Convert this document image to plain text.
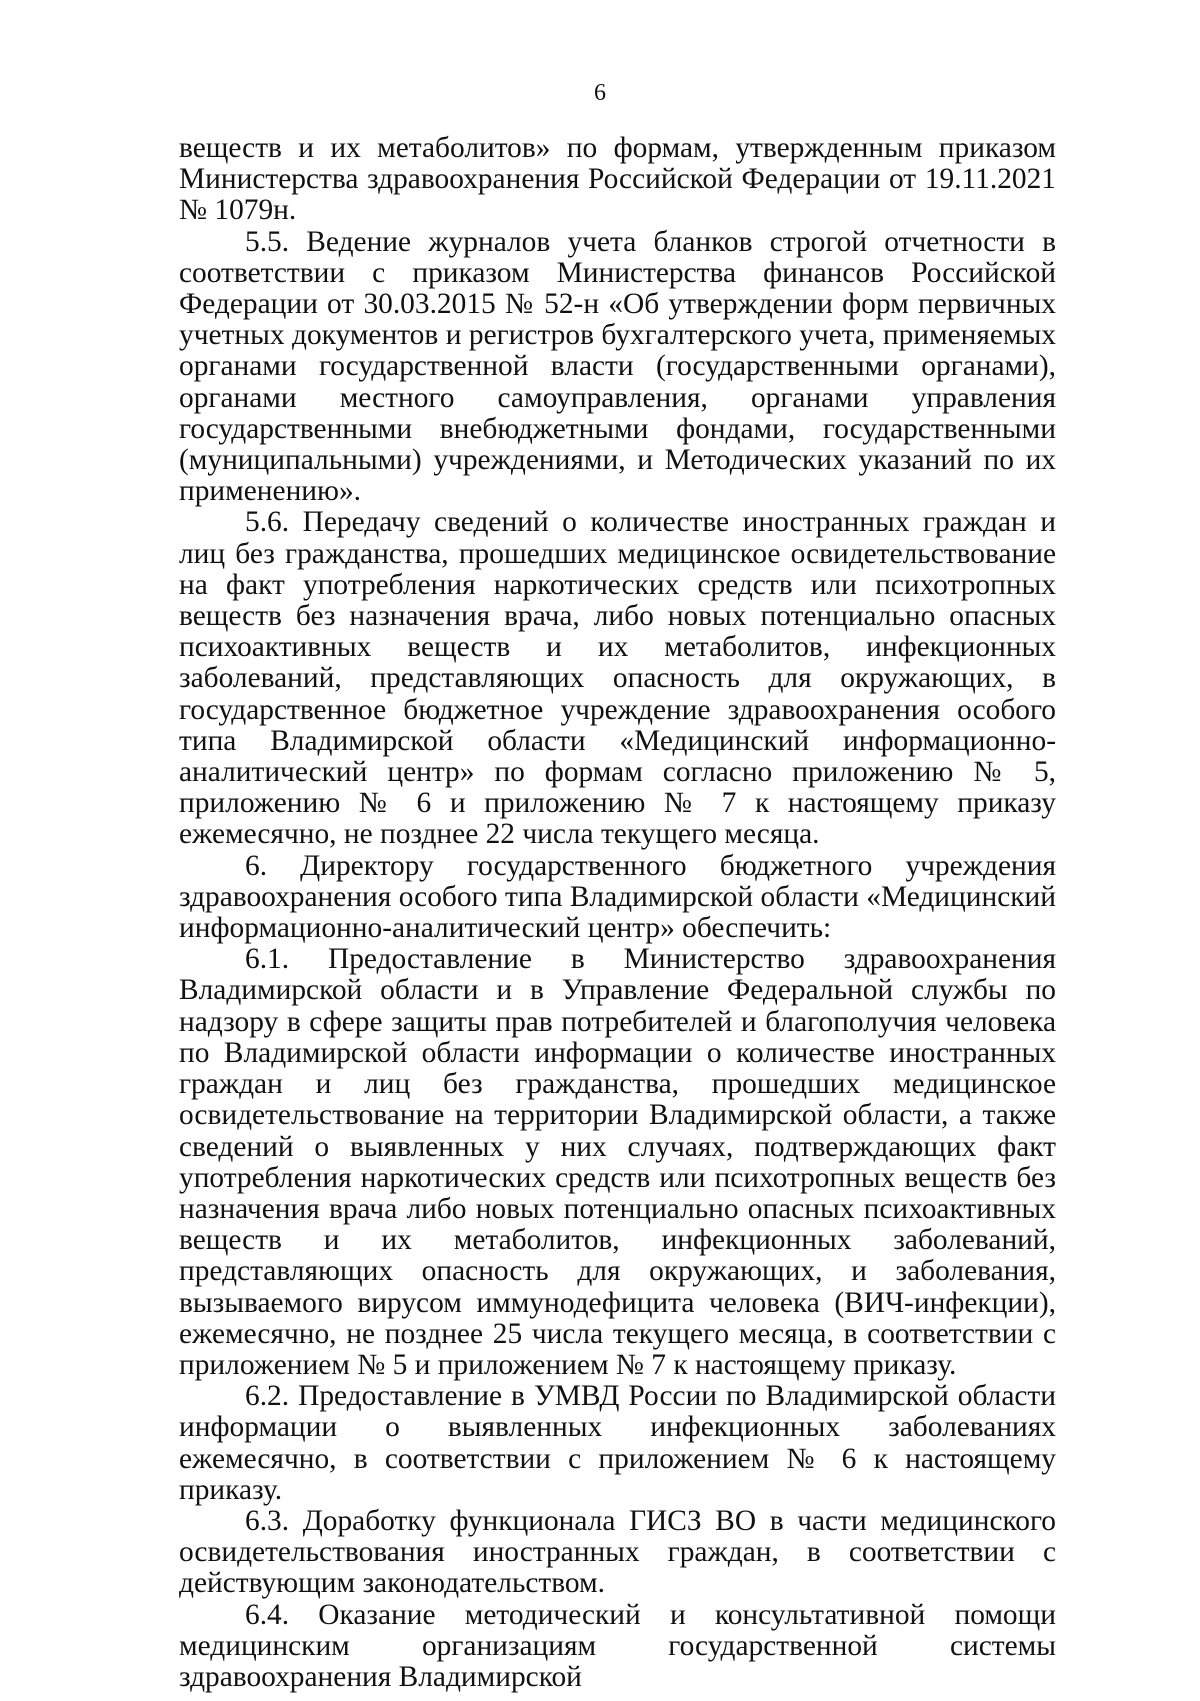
6

веществ и их метаболитов» по формам, утвержденным приказом Министерства здравоохранения Российской Федерации от 19.11.2021 № 1079н.

5.5. Ведение журналов учета бланков строгой отчетности в соответствии с приказом Министерства финансов Российской Федерации от 30.03.2015 № 52-н «Об утверждении форм первичных учетных документов и регистров бухгалтерского учета, применяемых органами государственной власти (государственными органами), органами местного самоуправления, органами управления государственными внебюджетными фондами, государственными (муниципальными) учреждениями, и Методических указаний по их применению».

5.6. Передачу сведений о количестве иностранных граждан и лиц без гражданства, прошедших медицинское освидетельствование на факт употребления наркотических средств или психотропных веществ без назначения врача, либо новых потенциально опасных психоактивных веществ и их метаболитов, инфекционных заболеваний, представляющих опасность для окружающих, в государственное бюджетное учреждение здравоохранения особого типа Владимирской области «Медицинский информационно-аналитический центр» по формам согласно приложению № 5, приложению № 6 и приложению № 7 к настоящему приказу ежемесячно, не позднее 22 числа текущего месяца.

6. Директору государственного бюджетного учреждения здравоохранения особого типа Владимирской области «Медицинский информационно-аналитический центр» обеспечить:

6.1. Предоставление в Министерство здравоохранения Владимирской области и в Управление Федеральной службы по надзору в сфере защиты прав потребителей и благополучия человека по Владимирской области информации о количестве иностранных граждан и лиц без гражданства, прошедших медицинское освидетельствование на территории Владимирской области, а также сведений о выявленных у них случаях, подтверждающих факт употребления наркотических средств или психотропных веществ без назначения врача либо новых потенциально опасных психоактивных веществ и их метаболитов, инфекционных заболеваний, представляющих опасность для окружающих, и заболевания, вызываемого вирусом иммунодефицита человека (ВИЧ-инфекции), ежемесячно, не позднее 25 числа текущего месяца, в соответствии с приложением № 5 и приложением № 7 к настоящему приказу.

6.2. Предоставление в УМВД России по Владимирской области информации о выявленных инфекционных заболеваниях ежемесячно, в соответствии с приложением № 6 к настоящему приказу.

6.3. Доработку функционала ГИСЗ ВО в части медицинского освидетельствования иностранных граждан, в соответствии с действующим законодательством.

6.4. Оказание методический и консультативной помощи медицинским организациям государственной системы здравоохранения Владимирской
